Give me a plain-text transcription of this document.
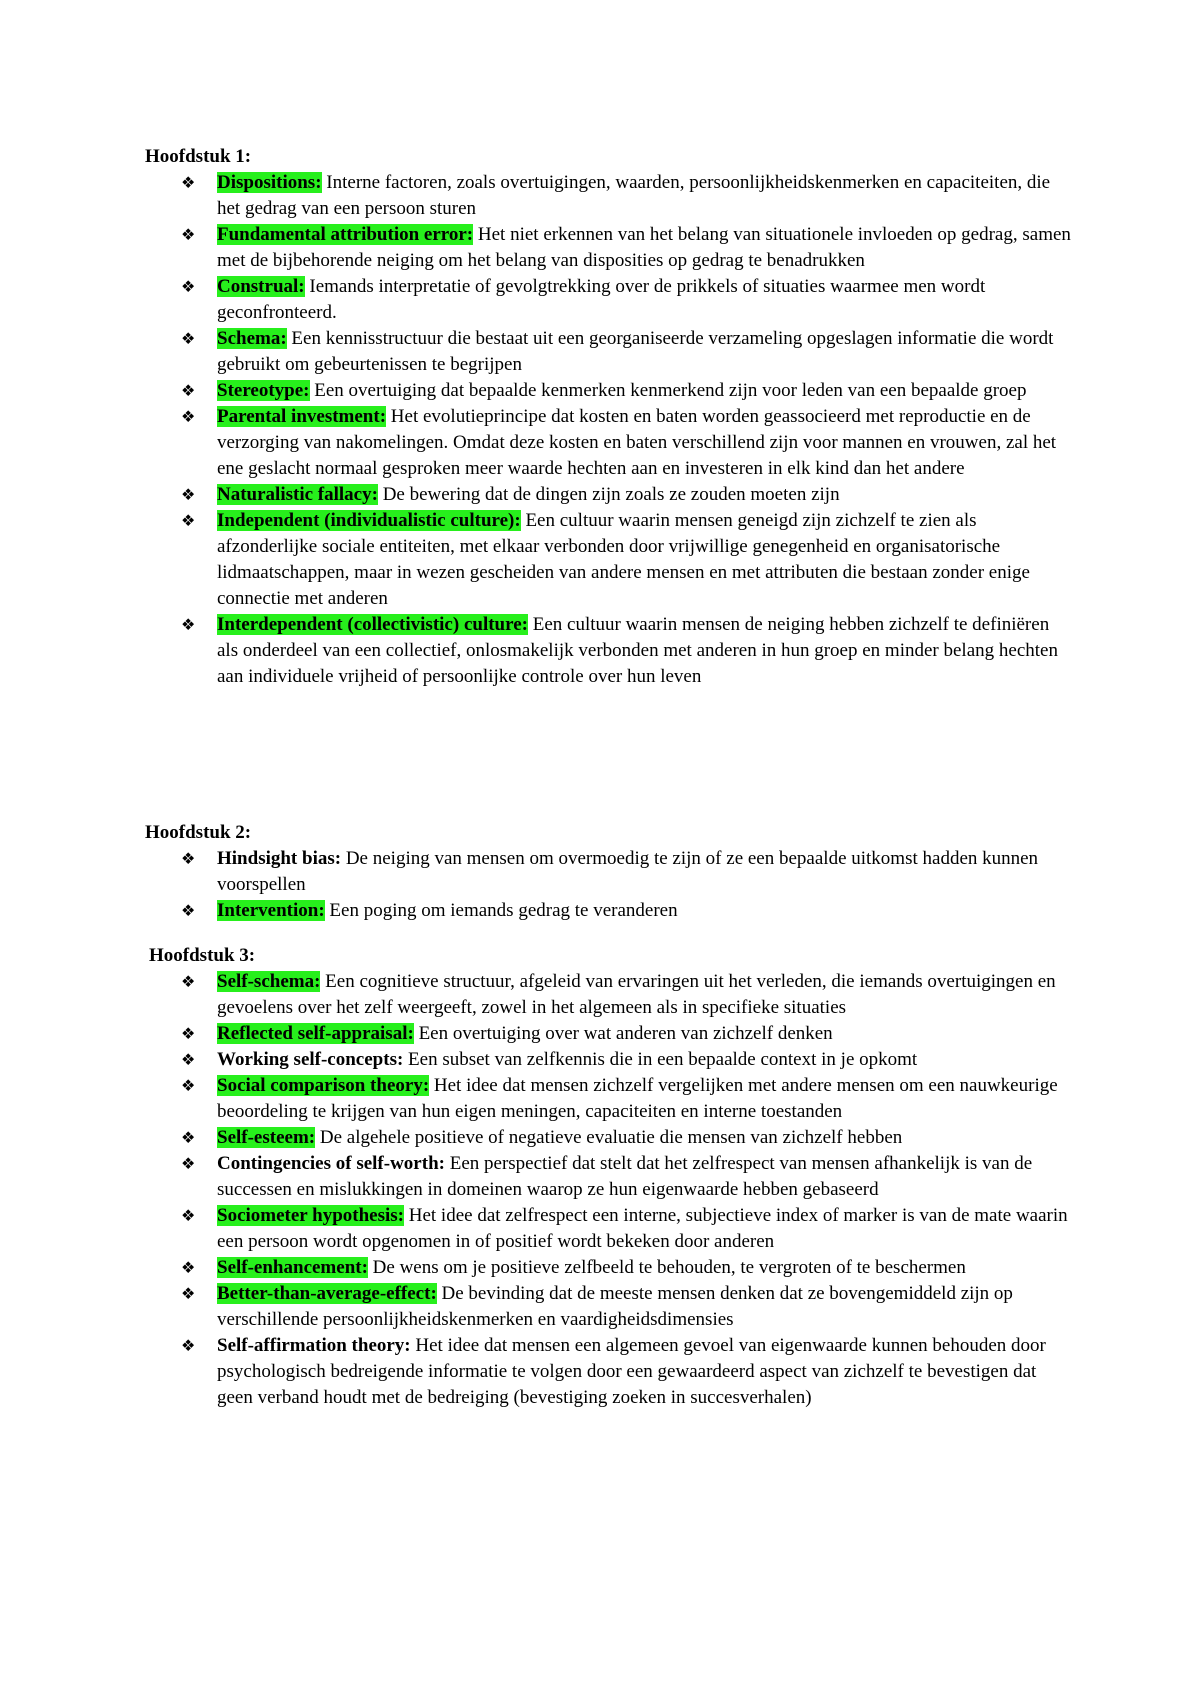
Hoofdstuk 1:
❖	Dispositions: Interne factoren, zoals overtuigingen, waarden, persoonlijkheidskenmerken en capaciteiten, die het gedrag van een persoon sturen
❖	Fundamental attribution error: Het niet erkennen van het belang van situationele invloeden op gedrag, samen met de bijbehorende neiging om het belang van disposities op gedrag te benadrukken
❖	Construal: Iemands interpretatie of gevolgtrekking over de prikkels of situaties waarmee men wordt geconfronteerd.
❖	Schema: Een kennisstructuur die bestaat uit een georganiseerde verzameling opgeslagen informatie die wordt gebruikt om gebeurtenissen te begrijpen
❖	Stereotype: Een overtuiging dat bepaalde kenmerken kenmerkend zijn voor leden van een bepaalde groep
❖	Parental investment: Het evolutieprincipe dat kosten en baten worden geassocieerd met reproductie en de verzorging van nakomelingen. Omdat deze kosten en baten verschillend zijn voor mannen en vrouwen, zal het ene geslacht normaal gesproken meer waarde hechten aan en investeren in elk kind dan het andere
❖	Naturalistic fallacy: De bewering dat de dingen zijn zoals ze zouden moeten zijn
❖	Independent (individualistic culture): Een cultuur waarin mensen geneigd zijn zichzelf te zien als afzonderlijke sociale entiteiten, met elkaar verbonden door vrijwillige genegenheid en organisatorische lidmaatschappen, maar in wezen gescheiden van andere mensen en met attributen die bestaan zonder enige connectie met anderen
❖	Interdependent (collectivistic) culture: Een cultuur waarin mensen de neiging hebben zichzelf te definiëren als onderdeel van een collectief, onlosmakelijk verbonden met anderen in hun groep en minder belang hechten aan individuele vrijheid of persoonlijke controle over hun leven
Hoofdstuk 2:
❖	Hindsight bias: De neiging van mensen om overmoedig te zijn of ze een bepaalde uitkomst hadden kunnen voorspellen
❖	Intervention: Een poging om iemands gedrag te veranderen
Hoofdstuk 3:
❖	Self-schema: Een cognitieve structuur, afgeleid van ervaringen uit het verleden, die iemands overtuigingen en gevoelens over het zelf weergeeft, zowel in het algemeen als in specifieke situaties
❖	Reflected self-appraisal: Een overtuiging over wat anderen van zichzelf denken
❖	Working self-concepts: Een subset van zelfkennis die in een bepaalde context in je opkomt
❖	Social comparison theory: Het idee dat mensen zichzelf vergelijken met andere mensen om een nauwkeurige beoordeling te krijgen van hun eigen meningen, capaciteiten en interne toestanden
❖	Self-esteem: De algehele positieve of negatieve evaluatie die mensen van zichzelf hebben
❖	Contingencies of self-worth: Een perspectief dat stelt dat het zelfrespect van mensen afhankelijk is van de successen en mislukkingen in domeinen waarop ze hun eigenwaarde hebben gebaseerd
❖	Sociometer hypothesis: Het idee dat zelfrespect een interne, subjectieve index of marker is van de mate waarin een persoon wordt opgenomen in of positief wordt bekeken door anderen
❖	Self-enhancement: De wens om je positieve zelfbeeld te behouden, te vergroten of te beschermen
❖	Better-than-average-effect: De bevinding dat de meeste mensen denken dat ze bovengemiddeld zijn op verschillende persoonlijkheidskenmerken en vaardigheidsdimensies
❖	Self-affirmation theory: Het idee dat mensen een algemeen gevoel van eigenwaarde kunnen behouden door psychologisch bedreigende informatie te volgen door een gewaardeerd aspect van zichzelf te bevestigen dat geen verband houdt met de bedreiging (bevestiging zoeken in succesverhalen)
